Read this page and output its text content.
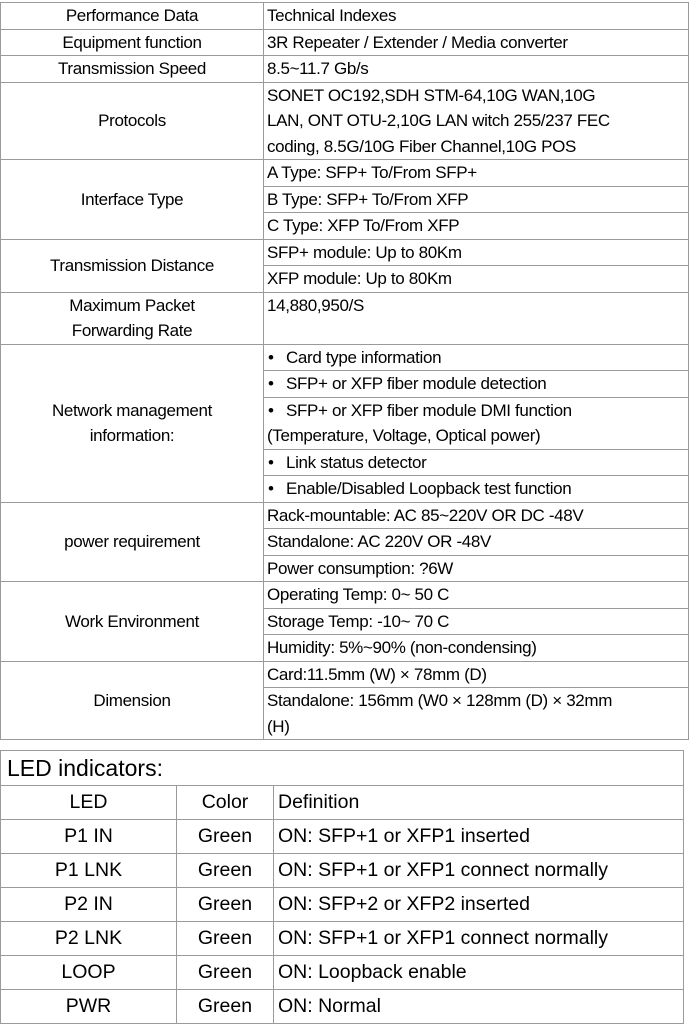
Performance Data	Technical Indexes
Equipment function	3R Repeater / Extender / Media converter
Transmission Speed	8.5~11.7 Gb/s
Protocols	SONET OC192,SDH STM-64,10G WAN,10G
LAN, ONT OTU-2,10G LAN witch 255/237 FEC
coding, 8.5G/10G Fiber Channel,10G POS

Interface Type	A Type: SFP+ To/From SFP+
	B Type: SFP+ To/From XFP
	C Type: XFP To/From XFP
Transmission Distance	SFP+ module: Up to 80Km
	XFP module: Up to 80Km

Maximum Packet
Forwarding Rate	14,880,950/S

Network management
information:	• Card type information
	• SFP+ or XFP fiber module detection

	• SFP+ or XFP fiber module DMI function
(Temperature, Voltage, Optical power)

	• Link status detector
	• Enable/Disabled Loopback test function
power requirement	Rack-mountable: AC 85~220V OR DC -48V
	Standalone: AC 220V OR -48V
	Power consumption: ?6W
Work Environment	Operating Temp: 0~ 50 C
	Storage Temp: -10~ 70 C
	Humidity: 5%~90% (non-condensing)
Dimension	Card:11.5mm (W) × 78mm (D)

	Standalone: 156mm (W0 × 128mm (D) × 32mm
(H)
LED indicators:		
LED	Color	Definition
P1 IN	Green	ON: SFP+1 or XFP1 inserted
P1 LNK	Green	ON: SFP+1 or XFP1 connect normally
P2 IN	Green	ON: SFP+2 or XFP2 inserted
P2 LNK	Green	ON: SFP+1 or XFP1 connect normally
LOOP	Green	ON: Loopback enable
PWR	Green	ON: Normal
